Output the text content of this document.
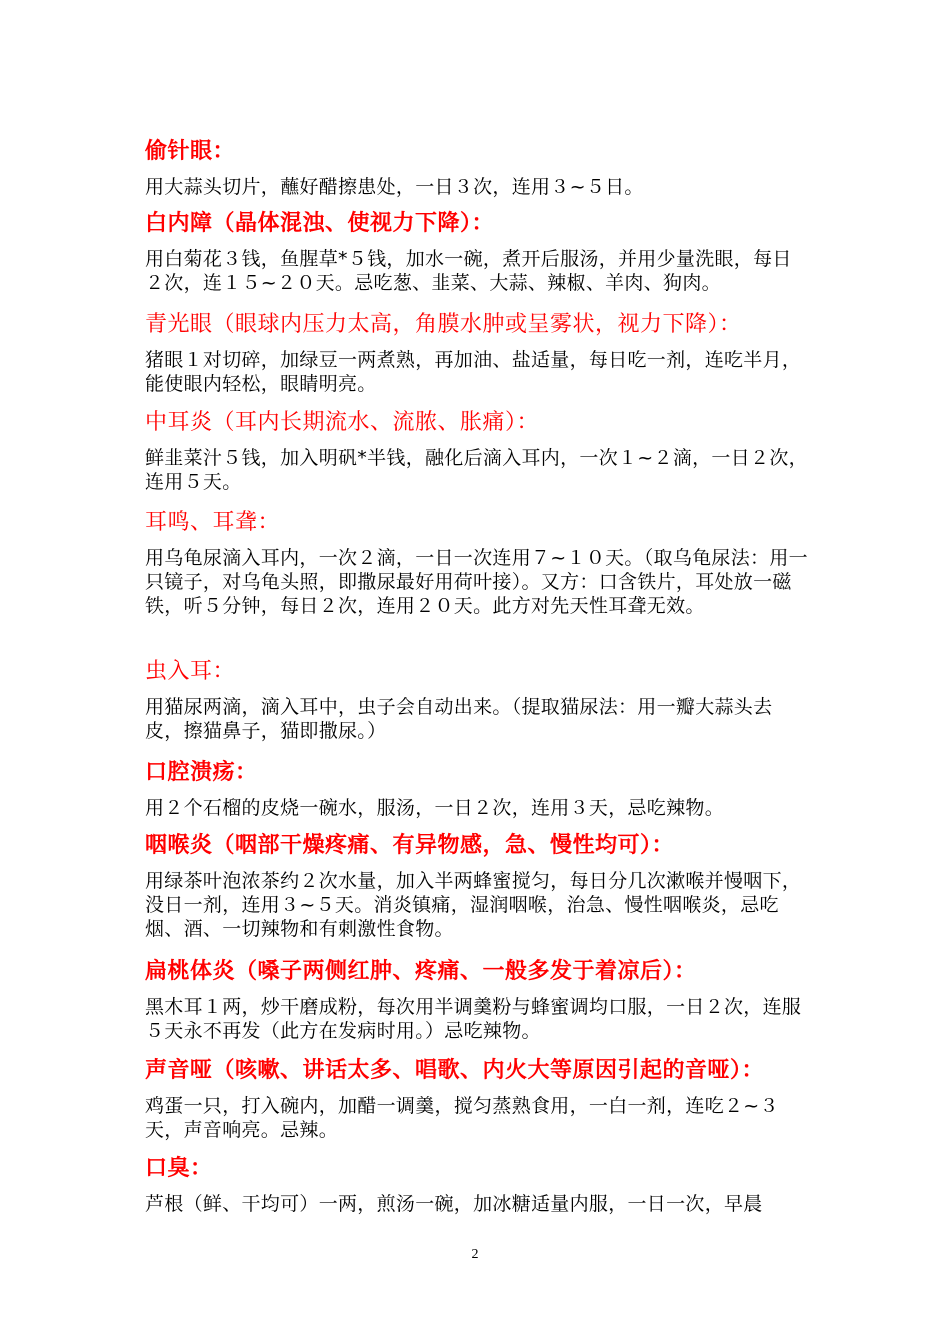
偷针眼：
用大蒜头切片，蘸好醋擦患处，一日３次，连用３~５日。
白内障（晶体混浊、使视力下降）：
用白菊花３钱，鱼腥草*５钱，加水一碗，煮开后服汤，并用少量洗眼，每日２次，连１５~２０天。忌吃葱、韭菜、大蒜、辣椒、羊肉、狗肉。
青光眼（眼球内压力太高，角膜水肿或呈雾状，视力下降）：
猪眼１对切碎，加绿豆一两煮熟，再加油、盐适量，每日吃一剂，连吃半月，能使眼内轻松，眼睛明亮。
中耳炎（耳内长期流水、流脓、胀痛）：
鲜韭菜汁５钱，加入明矾*半钱，融化后滴入耳内，一次１~２滴，一日２次，连用５天。
耳鸣、耳聋：
用乌龟尿滴入耳内，一次２滴，一日一次连用７~１０天。（取乌龟尿法：用一只镜子，对乌龟头照，即撒尿最好用荷叶接）。又方：口含铁片，耳处放一磁铁，听５分钟，每日２次，连用２０天。此方对先天性耳聋无效。
虫入耳：
用猫尿两滴，滴入耳中，虫子会自动出来。（提取猫尿法：用一瓣大蒜头去皮，擦猫鼻子，猫即撒尿。）
口腔溃疡：
用２个石榴的皮烧一碗水，服汤，一日２次，连用３天，忌吃辣物。
咽喉炎（咽部干燥疼痛、有异物感，急、慢性均可）：
用绿茶叶泡浓茶约２次水量，加入半两蜂蜜搅匀，每日分几次漱喉并慢咽下，没日一剂，连用３~５天。消炎镇痛，湿润咽喉，治急、慢性咽喉炎，忌吃烟、酒、一切辣物和有刺激性食物。
扁桃体炎（嗓子两侧红肿、疼痛、一般多发于着凉后）：
黑木耳１两，炒干磨成粉，每次用半调羹粉与蜂蜜调均口服，一日２次，连服５天永不再发（此方在发病时用。）忌吃辣物。
声音哑（咳嗽、讲话太多、唱歌、内火大等原因引起的音哑）：
鸡蛋一只，打入碗内，加醋一调羹，搅匀蒸熟食用，一白一剂，连吃２~３天，声音响亮。忌辣。
口臭：
芦根（鲜、干均可）一两，煎汤一碗，加冰糖适量内服，一日一次，早晨
2
